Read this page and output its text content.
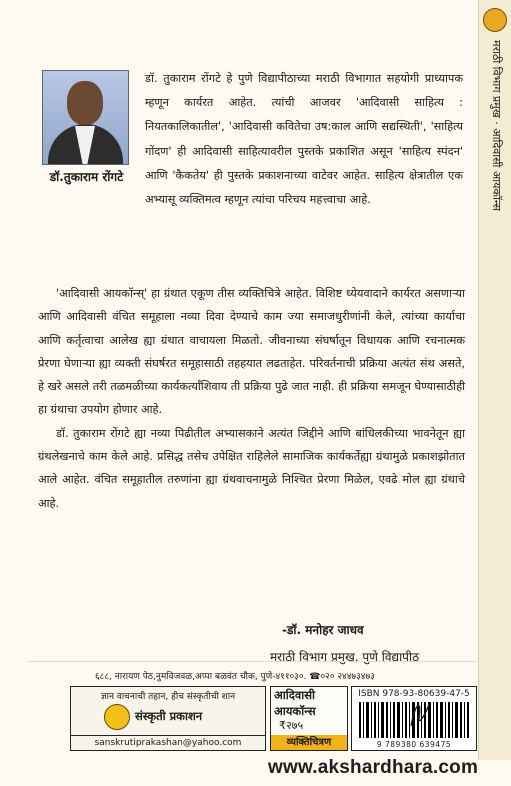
मराठी विभाग प्रमुख · आदिवासी आयकॉन्स
डॉ.तुकाराम रोंगटे
डॉ. तुकाराम रोंगटे हे पुणे विद्यापीठाच्या मराठी विभागात सहयोगी प्राध्यापक म्हणून कार्यरत आहेत. त्यांची आजवर 'आदिवासी साहित्य : नियतकालिकातील', 'आदिवासी कवितेचा उष:काल आणि सद्यस्थिती', 'साहित्य गोंदण' ही आदिवासी साहित्यावरील पुस्तके प्रकाशित असून 'साहित्य स्पंदन' आणि 'कैकतेय' ही पुस्तके प्रकाशनाच्या वाटेवर आहेत. साहित्य क्षेत्रातील एक अभ्यासू व्यक्तिमत्व म्हणून त्यांचा परिचय महत्त्वाचा आहे.

'आदिवासी आयकॉन्स्' हा ग्रंथात एकूण तीस व्यक्तिचित्रे आहेत. विशिष्ट ध्येयवादाने कार्यरत असणाऱ्या आणि आदिवासी वंचित समूहाला नव्या दिवा देण्याचे काम ज्या समाजधुरीणांनी केले, त्यांच्या कार्याचा आणि कर्तृत्वाचा आलेख ह्या ग्रंथात वाचायला मिळतो. जीवनाच्या संघर्षातून विधायक आणि रचनात्मक प्रेरणा घेणाऱ्या ह्या व्यक्ती संघर्षरत समूहासाठी तहहयात लढताहेत. परिवर्तनाची प्रक्रिया अत्यंत संथ असते, हे खरे असले तरी तळमळीच्या कार्यकर्त्यांशिवाय ती प्रक्रिया पुढे जात नाही. ही प्रक्रिया समजून घेण्यासाठीही हा ग्रंथाचा उपयोग होणार आहे.

डॉ. तुकाराम रोंगटे ह्या नव्या पिढीतील अभ्यासकाने अत्यंत जिद्दीने आणि बांधिलकीच्या भावनेतून ह्या ग्रंथलेखनाचे काम केले आहे. प्रसिद्ध तसेच उपेक्षित राहिलेले सामाजिक कार्यकर्तेह्या ग्रंथामुळे प्रकाशझोतात आले आहेत. वंचित समूहातील तरुणांना ह्या ग्रंथवाचनामुळे निश्चित प्रेरणा मिळेल, एवढे मोल ह्या ग्रंथाचे आहे.

-डॉ. मनोहर जाधव
मराठी विभाग प्रमुख, पुणे विद्यापीठ
६८८, नारायण पेठ,नुमविजवळ,अप्पा बळवंत चौक, पुणे-४११०३०. ☎०२० २४४७३४७३
ज्ञान वाचनाची तहान, हीच संस्कृतीची शान
संस्कृती प्रकाशन
sanskrutiprakashan@yahoo.com
आदिवासी
आयकॉन्स
₹२७५
व्यक्तिचित्रण
ISBN 978-93-80639-47-5
9 789380 639475
www.akshardhara.com
